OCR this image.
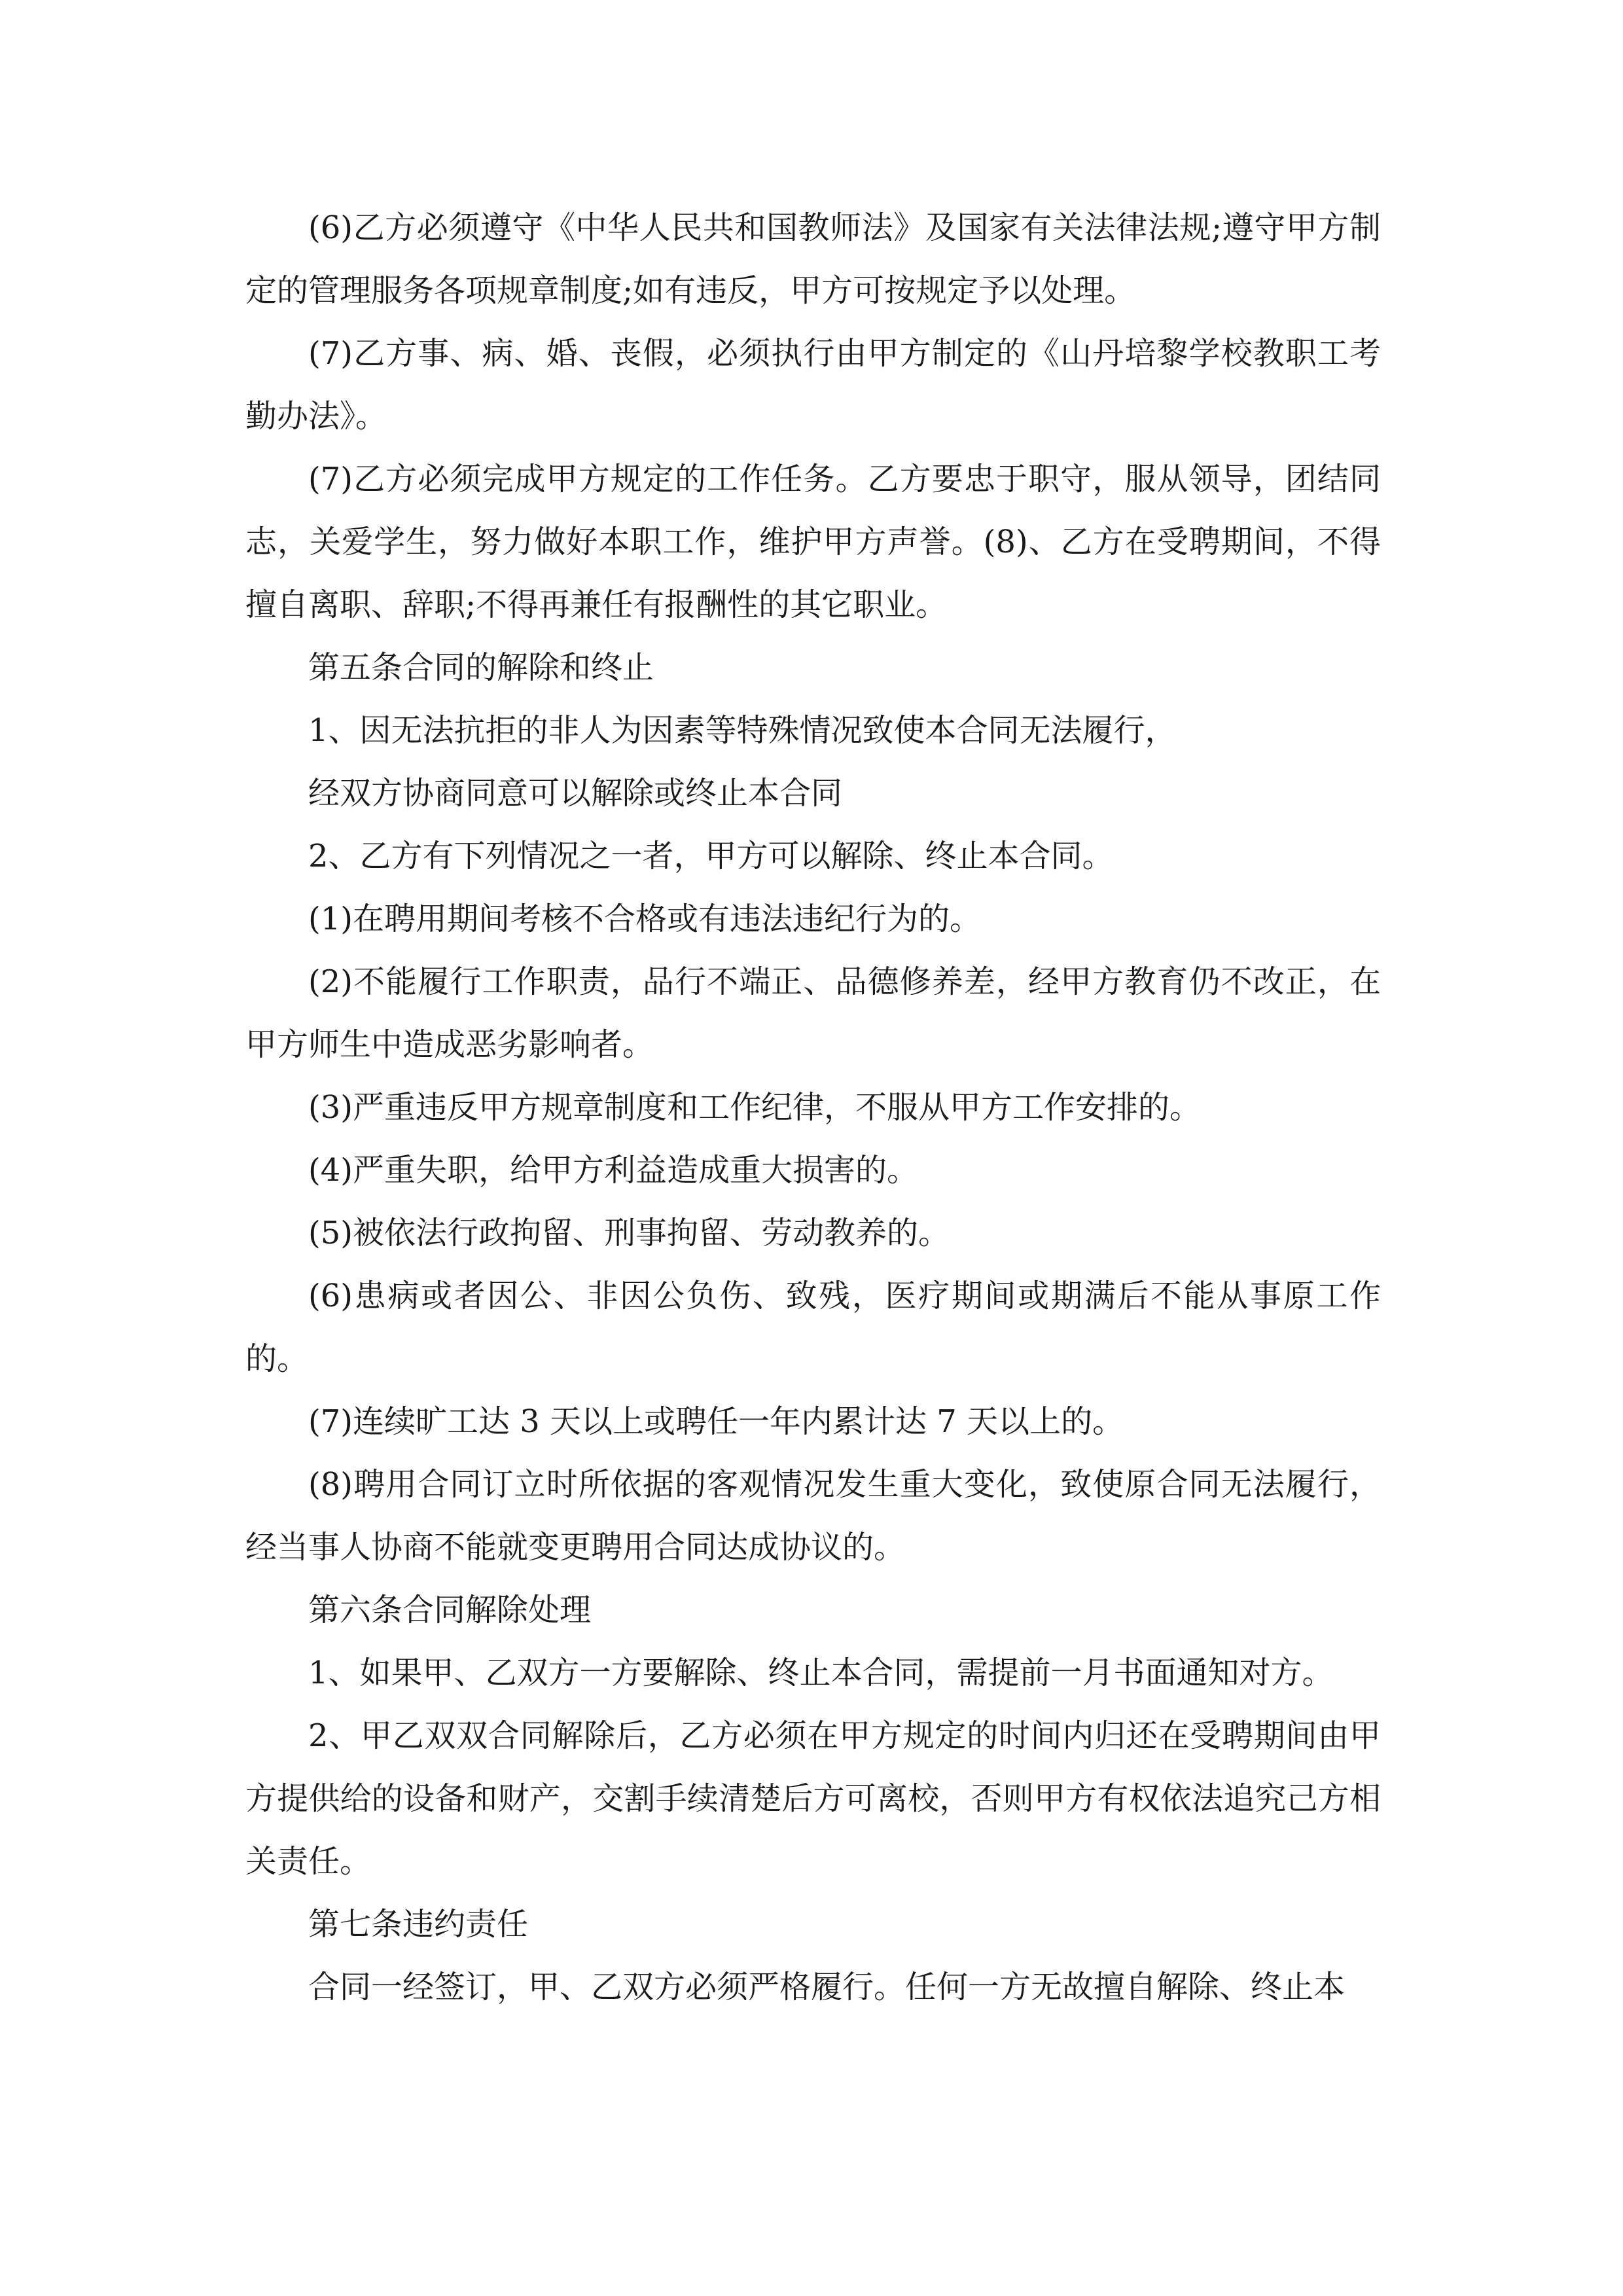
(6)乙方必须遵守《中华人民共和国教师法》及国家有关法律法规;遵守甲方制定的管理服务各项规章制度;如有违反，甲方可按规定予以处理。

(7)乙方事、病、婚、丧假，必须执行由甲方制定的《山丹培黎学校教职工考勤办法》。

(7)乙方必须完成甲方规定的工作任务。乙方要忠于职守，服从领导，团结同志，关爱学生，努力做好本职工作，维护甲方声誉。(8)、乙方在受聘期间，不得擅自离职、辞职;不得再兼任有报酬性的其它职业。

第五条合同的解除和终止

1、因无法抗拒的非人为因素等特殊情况致使本合同无法履行，

经双方协商同意可以解除或终止本合同

2、乙方有下列情况之一者，甲方可以解除、终止本合同。

(1)在聘用期间考核不合格或有违法违纪行为的。

(2)不能履行工作职责，品行不端正、品德修养差，经甲方教育仍不改正，在甲方师生中造成恶劣影响者。

(3)严重违反甲方规章制度和工作纪律，不服从甲方工作安排的。

(4)严重失职，给甲方利益造成重大损害的。

(5)被依法行政拘留、刑事拘留、劳动教养的。

(6)患病或者因公、非因公负伤、致残，医疗期间或期满后不能从事原工作的。

(7)连续旷工达 3 天以上或聘任一年内累计达 7 天以上的。

(8)聘用合同订立时所依据的客观情况发生重大变化，致使原合同无法履行，经当事人协商不能就变更聘用合同达成协议的。

第六条合同解除处理

1、如果甲、乙双方一方要解除、终止本合同，需提前一月书面通知对方。

2、甲乙双双合同解除后，乙方必须在甲方规定的时间内归还在受聘期间由甲方提供给的设备和财产，交割手续清楚后方可离校，否则甲方有权依法追究己方相关责任。

第七条违约责任

合同一经签订，甲、乙双方必须严格履行。任何一方无故擅自解除、终止本
